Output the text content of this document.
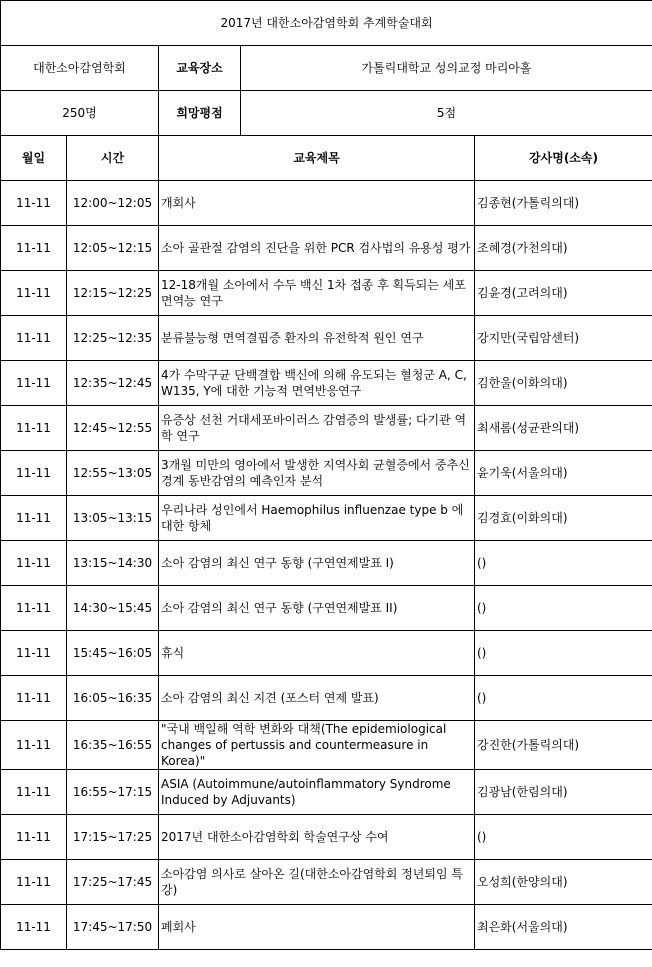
2017년 대한소아감염학회 추계학술대회				
대한소아감염학회		교육장소	가톨릭대학교 성의교정 마리아홀	
250명		희망평점	5점	
월일	시간	교육제목		강사명(소속)
11-11	12:00~12:05	개회사		김종현(가톨릭의대)
11-11	12:05~12:15	소아 골관절 감염의 진단을 위한 PCR 검사법의 유용성 평가		조혜경(가천의대)
11-11	12:15~12:25	12-18개월 소아에서 수두 백신 1차 접종 후 획득되는 세포 면역능 연구		김윤경(고려의대)
11-11	12:25~12:35	분류불능형 면역결핍증 환자의 유전학적 원인 연구		강지만(국립암센터)
11-11	12:35~12:45	4가 수막구균 단백결합 백신에 의해 유도되는 혈청군 A, C, W135, Y에 대한 기능적 면역반응연구		김한울(이화의대)
11-11	12:45~12:55	유증상 선천 거대세포바이러스 감염증의 발생률; 다기관 역학 연구		최새롬(성균관의대)
11-11	12:55~13:05	3개월 미만의 영아에서 발생한 지역사회 균혈증에서 중추신경계 동반감염의 예측인자 분석		윤기욱(서울의대)
11-11	13:05~13:15	우리나라 성인에서 Haemophilus influenzae type b 에 대한 항체		김경효(이화의대)
11-11	13:15~14:30	소아 감염의 최신 연구 동향 (구연연제발표 I)		()
11-11	14:30~15:45	소아 감염의 최신 연구 동향 (구연연제발표 II)		()
11-11	15:45~16:05	휴식		()
11-11	16:05~16:35	소아 감염의 최신 지견 (포스터 연제 발표)		()
11-11	16:35~16:55	"국내 백일해 역학 변화와 대책(The epidemiological changes of pertussis and countermeasure in Korea)"		강진한(가톨릭의대)
11-11	16:55~17:15	ASIA (Autoimmune/autoinflammatory Syndrome Induced by Adjuvants)		김광남(한림의대)
11-11	17:15~17:25	2017년 대한소아감염학회 학술연구상 수여		()
11-11	17:25~17:45	소아감염 의사로 살아온 길(대한소아감염학회 정년퇴임 특강)		오성희(한양의대)
11-11	17:45~17:50	폐회사		최은화(서울의대)
